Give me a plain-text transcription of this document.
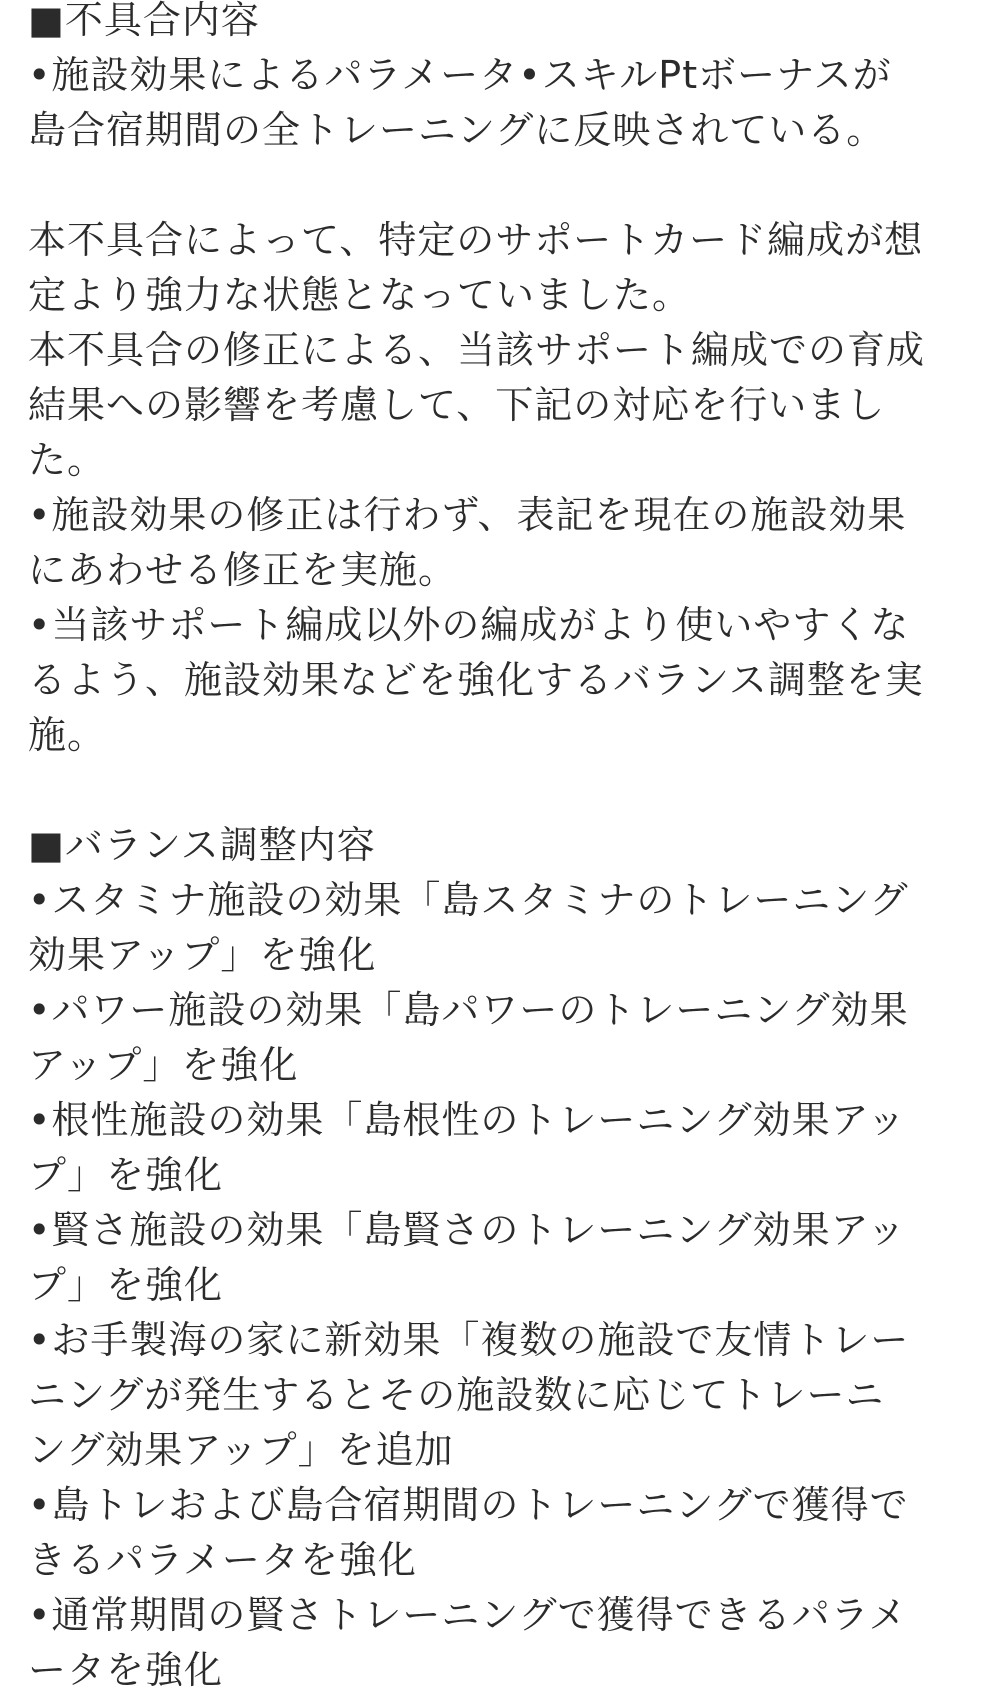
■不具合内容
•施設効果によるパラメータ•スキルPtボーナスが
島合宿期間の全トレーニングに反映されている。
本不具合によって、特定のサポートカード編成が想
定より強力な状態となっていました。
本不具合の修正による、当該サポート編成での育成
結果への影響を考慮して、下記の対応を行いまし
た。
•施設効果の修正は行わず、表記を現在の施設効果
にあわせる修正を実施。
•当該サポート編成以外の編成がより使いやすくな
るよう、施設効果などを強化するバランス調整を実
施。
■バランス調整内容
•スタミナ施設の効果「島スタミナのトレーニング
効果アップ」を強化
•パワー施設の効果「島パワーのトレーニング効果
アップ」を強化
•根性施設の効果「島根性のトレーニング効果アッ
プ」を強化
•賢さ施設の効果「島賢さのトレーニング効果アッ
プ」を強化
•お手製海の家に新効果「複数の施設で友情トレー
ニングが発生するとその施設数に応じてトレーニ
ング効果アップ」を追加
•島トレおよび島合宿期間のトレーニングで獲得で
きるパラメータを強化
•通常期間の賢さトレーニングで獲得できるパラメ
ータを強化
